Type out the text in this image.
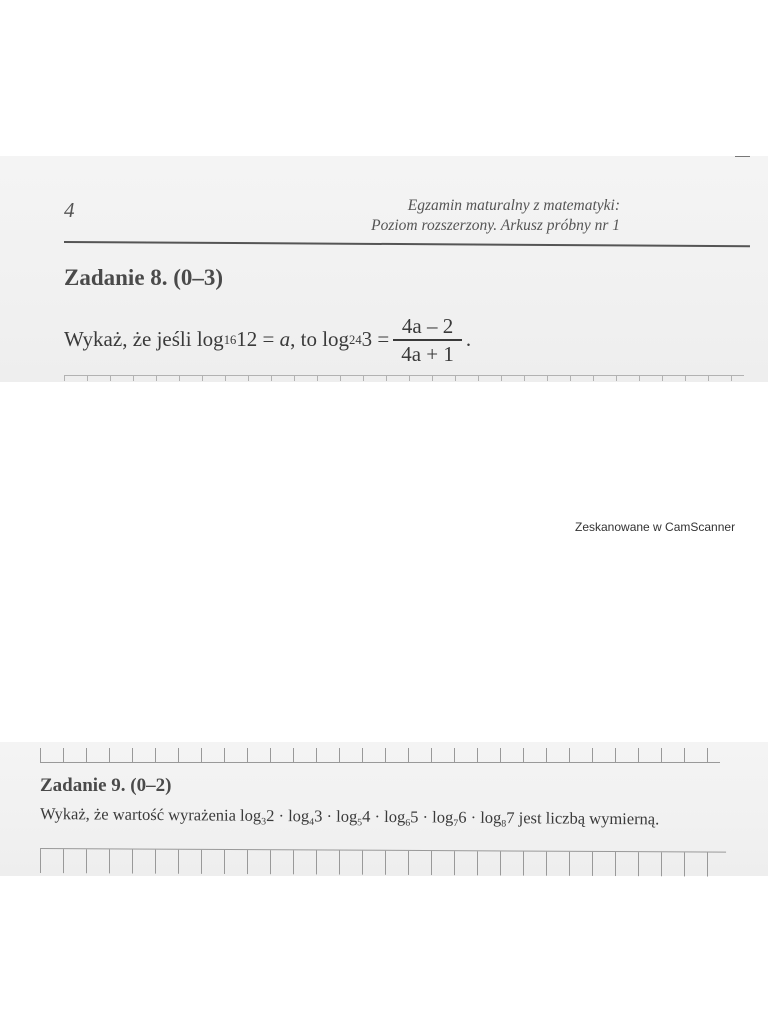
4	Egzamin maturalny z matematyki:
Poziom rozszerzony. Arkusz próbny nr 1
Zadanie 8. (0–3)
Wykaż, że jeśli log 16 12 = a , to log 24 $3 = \frac{4a - 2}{4a + 1}$ .
Zeskanowane w CamScanner
Zadanie 9. (0–2)
Wykaż, że wartość wyrażenia $\log_32 \cdot \log_43 \cdot \log_54 \cdot \log_65 \cdot \log_76 \cdot \log_87$ jest liczbą wymierną.
